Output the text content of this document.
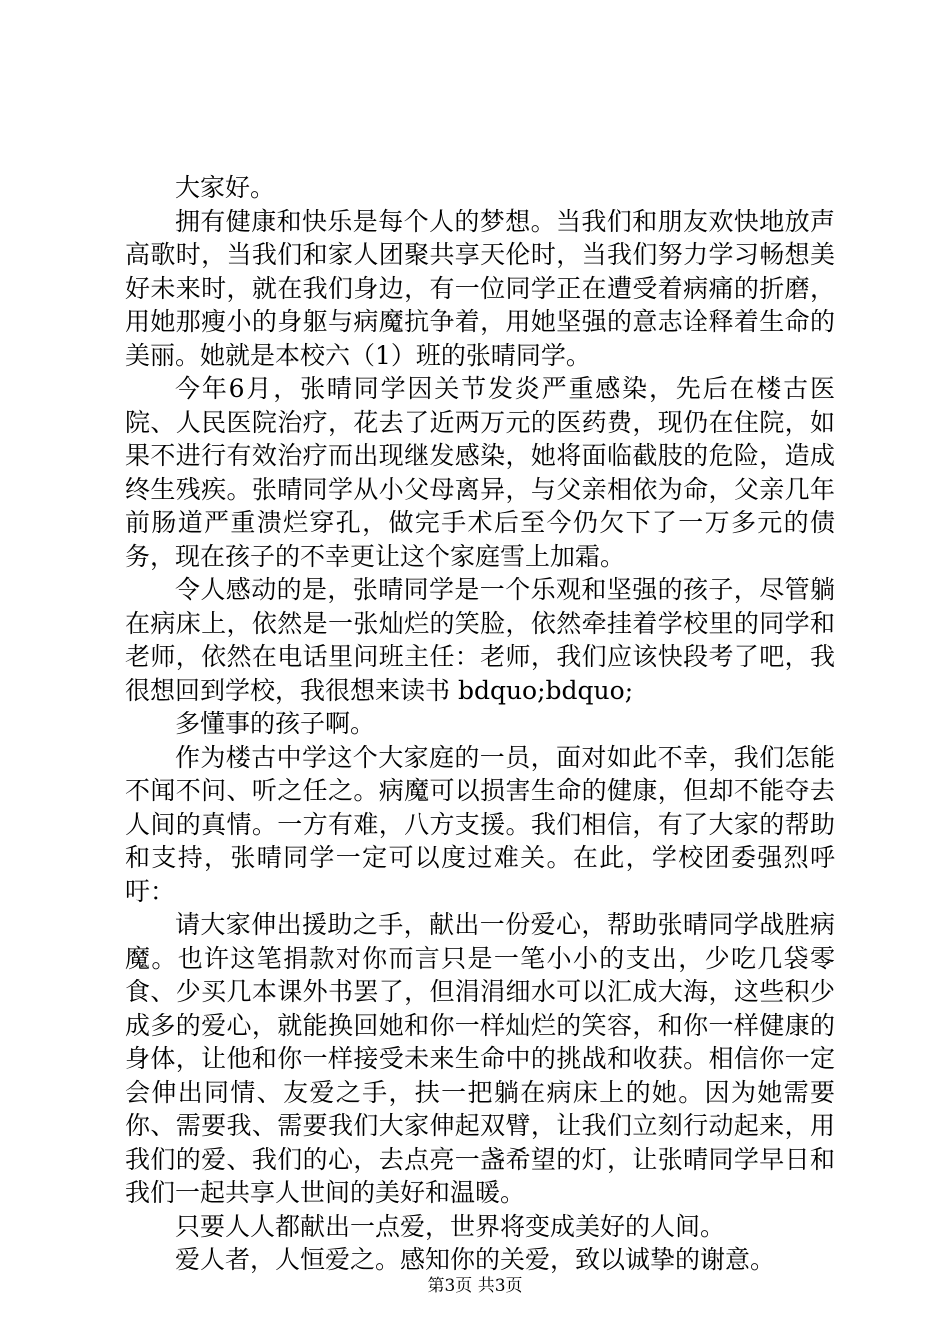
大家好。

拥有健康和快乐是每个人的梦想。当我们和朋友欢快地放声高歌时，当我们和家人团聚共享天伦时，当我们努力学习畅想美好未来时，就在我们身边，有一位同学正在遭受着病痛的折磨，用她那瘦小的身躯与病魔抗争着，用她坚强的意志诠释着生命的美丽。她就是本校六（1）班的张晴同学。

今年6月，张晴同学因关节发炎严重感染，先后在楼古医院、人民医院治疗，花去了近两万元的医药费，现仍在住院，如果不进行有效治疗而出现继发感染，她将面临截肢的危险，造成终生残疾。张晴同学从小父母离异，与父亲相依为命，父亲几年前肠道严重溃烂穿孔，做完手术后至今仍欠下了一万多元的债务，现在孩子的不幸更让这个家庭雪上加霜。

令人感动的是，张晴同学是一个乐观和坚强的孩子，尽管躺在病床上，依然是一张灿烂的笑脸，依然牵挂着学校里的同学和老师，依然在电话里问班主任：老师，我们应该快段考了吧，我很想回到学校，我很想来读书 bdquo;bdquo;

多懂事的孩子啊。

作为楼古中学这个大家庭的一员，面对如此不幸，我们怎能不闻不问、听之任之。病魔可以损害生命的健康，但却不能夺去人间的真情。一方有难，八方支援。我们相信，有了大家的帮助和支持，张晴同学一定可以度过难关。在此，学校团委强烈呼吁：

请大家伸出援助之手，献出一份爱心，帮助张晴同学战胜病魔。也许这笔捐款对你而言只是一笔小小的支出，少吃几袋零食、少买几本课外书罢了，但涓涓细水可以汇成大海，这些积少成多的爱心，就能换回她和你一样灿烂的笑容，和你一样健康的身体，让他和你一样接受未来生命中的挑战和收获。相信你一定会伸出同情、友爱之手，扶一把躺在病床上的她。因为她需要你、需要我、需要我们大家伸起双臂，让我们立刻行动起来，用我们的爱、我们的心，去点亮一盏希望的灯，让张晴同学早日和我们一起共享人世间的美好和温暖。

只要人人都献出一点爱，世界将变成美好的人间。

爱人者，人恒爱之。感知你的关爱，致以诚挚的谢意。

第3页 共3页
